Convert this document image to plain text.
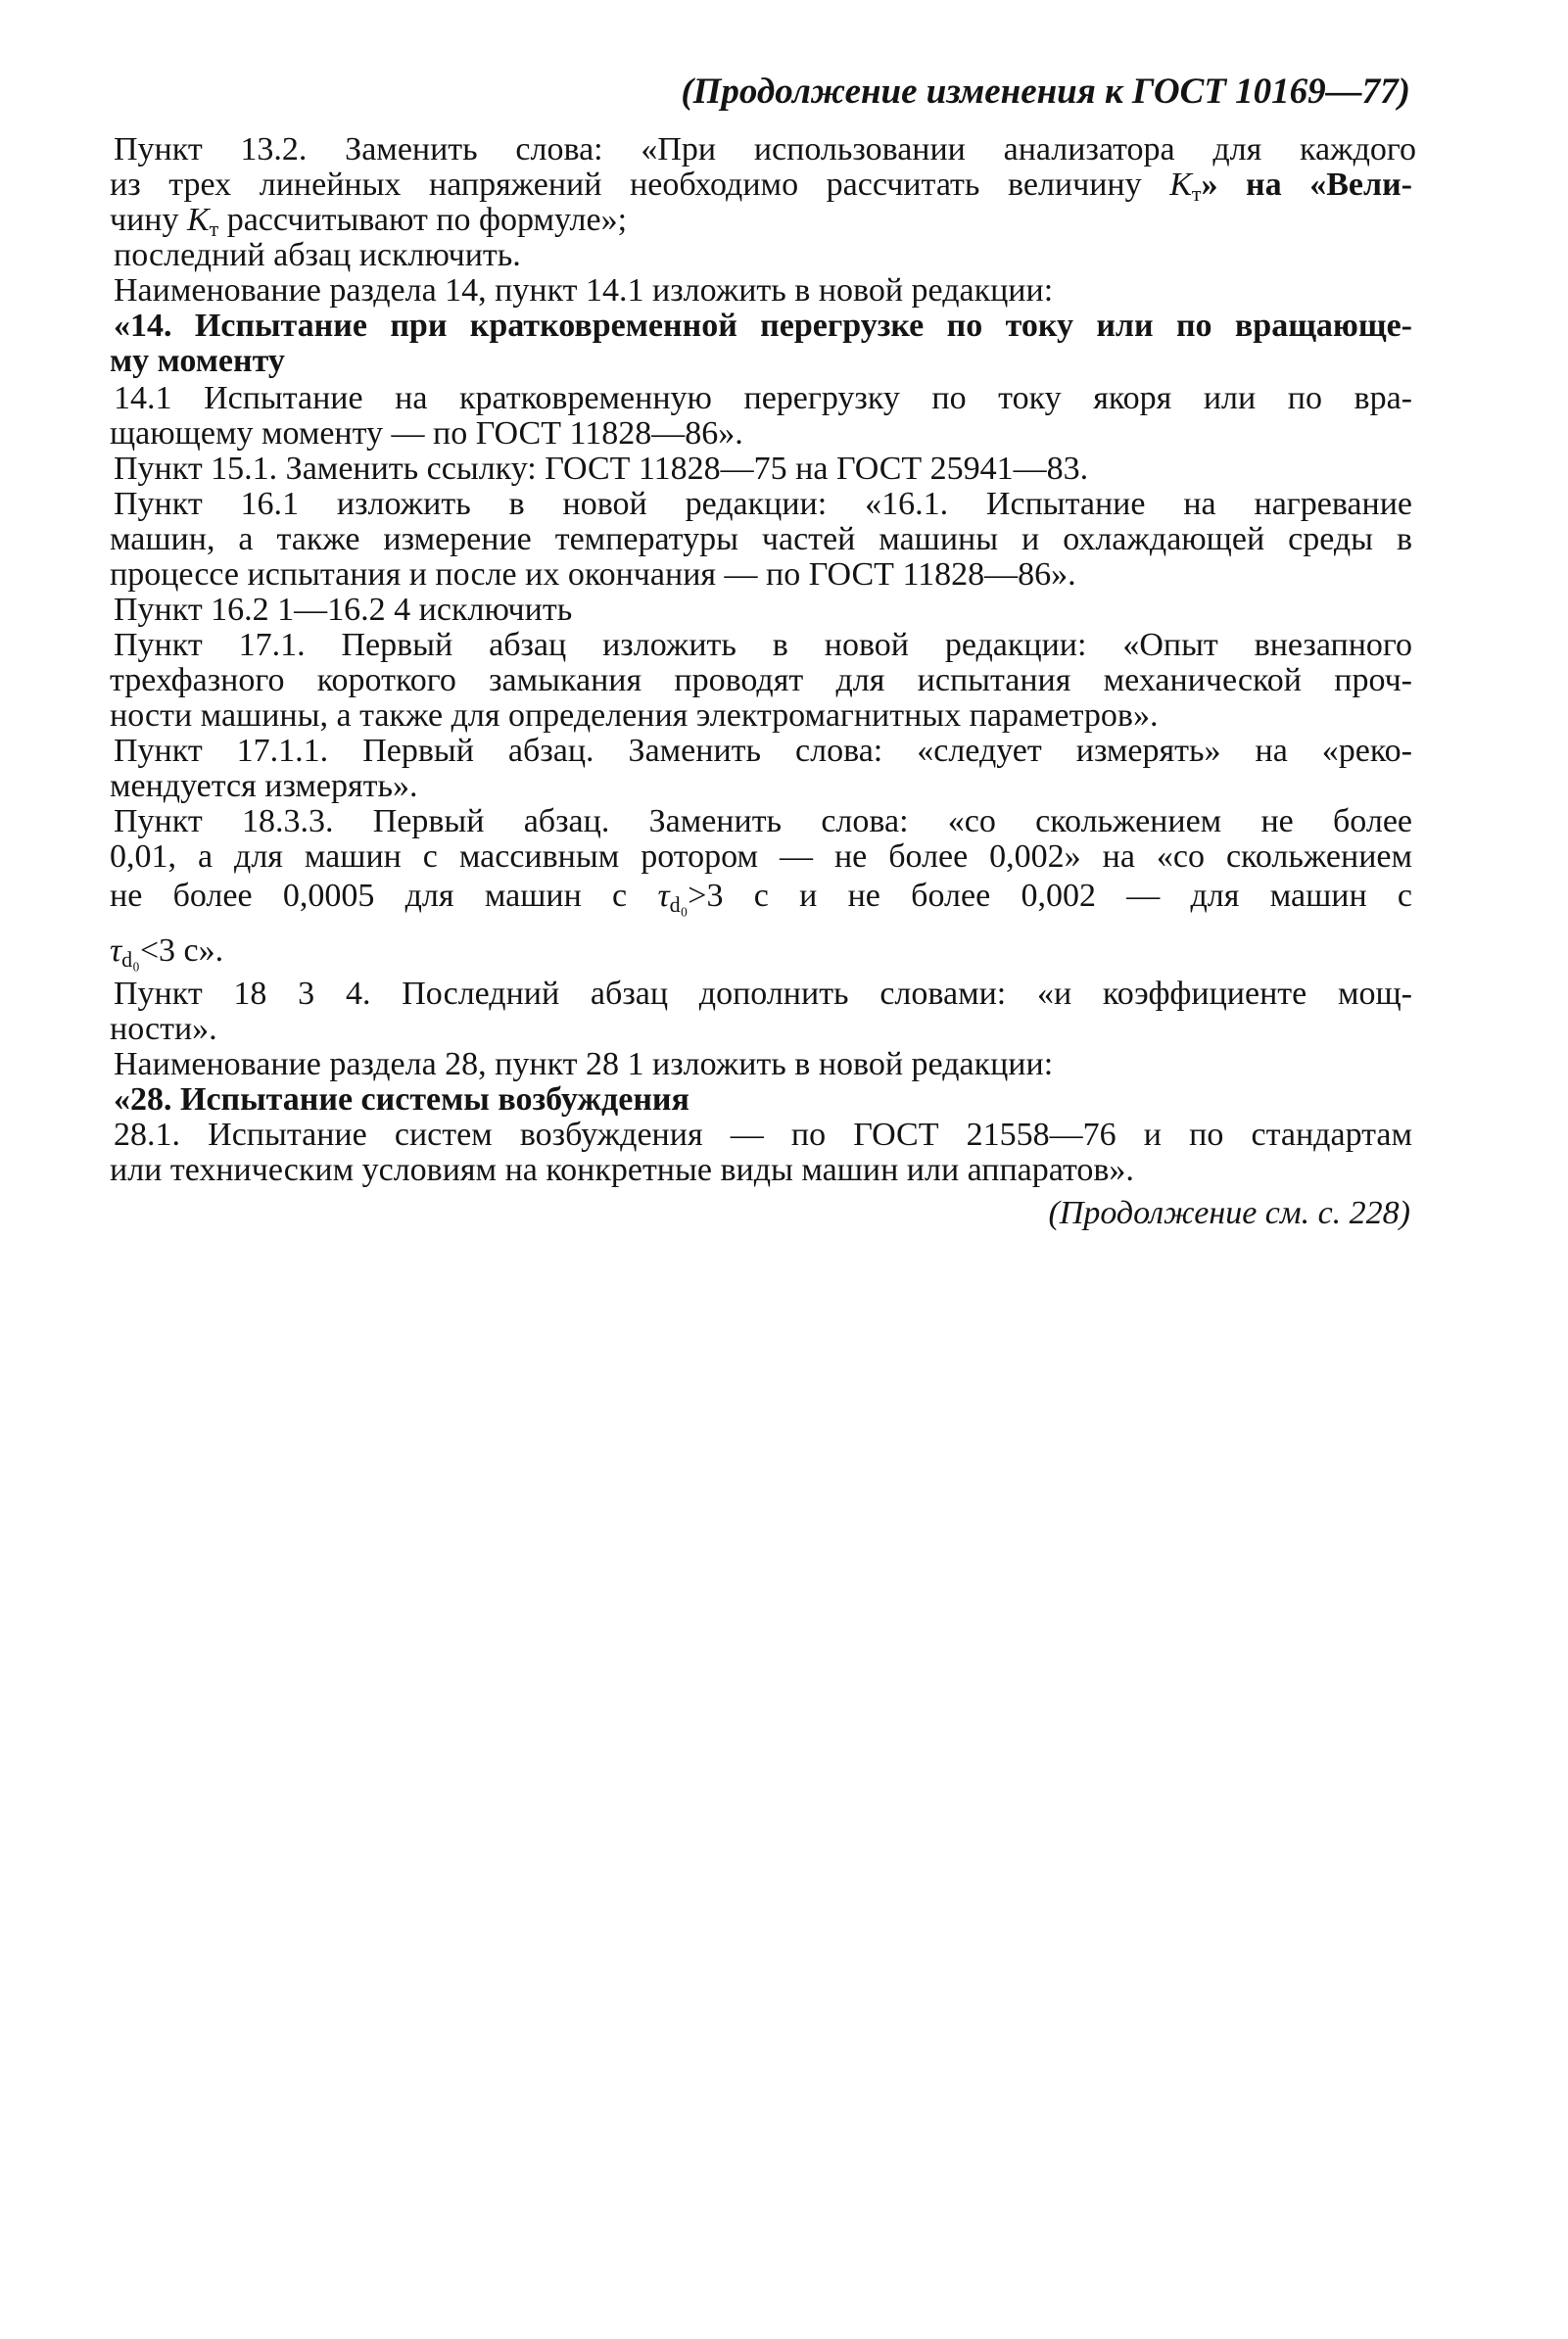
(Продолжение изменения к ГОСТ 10169—77)
Пункт 13.2. Заменить слова: «При использовании анализатора для каждого
из трех линейных напряжений необходимо рассчитать величину $К_т$» на «Вели-
чину $К_т$ рассчитывают по формуле»;
последний абзац исключить.
Наименование раздела 14, пункт 14.1 изложить в новой редакции:
«14. Испытание при кратковременной перегрузке по току или по вращающе-
му моменту
14.1 Испытание на кратковременную перегрузку по току якоря или по вра-
щающему моменту — по ГОСТ 11828—86».
Пункт 15.1. Заменить ссылку: ГОСТ 11828—75 на ГОСТ 25941—83.
Пункт 16.1 изложить в новой редакции: «16.1. Испытание на нагревание
машин, а также измерение температуры частей машины и охлаждающей среды в
процессе испытания и после их окончания — по ГОСТ 11828—86».
Пункт 16.2 1—16.2 4 исключить
Пункт 17.1. Первый абзац изложить в новой редакции: «Опыт внезапного
трехфазного короткого замыкания проводят для испытания механической проч-
ности машины, а также для определения электромагнитных параметров».
Пункт 17.1.1. Первый абзац. Заменить слова: «следует измерять» на «реко-
мендуется измерять».
Пункт 18.3.3. Первый абзац. Заменить слова: «со скольжением не более
0,01, а для машин с массивным ротором — не более 0,002» на «со скольжением
не более 0,0005 для машин с $\tau_{d_0}>3$ с и не более 0,002 — для машин с
$\tau_{d_0}<3$ с».
Пункт 18 3 4. Последний абзац дополнить словами: «и коэффициенте мощ-
ности».
Наименование раздела 28, пункт 28 1 изложить в новой редакции:
«28. Испытание системы возбуждения
28.1. Испытание систем возбуждения — по ГОСТ 21558—76 и по стандартам
или техническим условиям на конкретные виды машин или аппаратов».
(Продолжение см. с. 228)
